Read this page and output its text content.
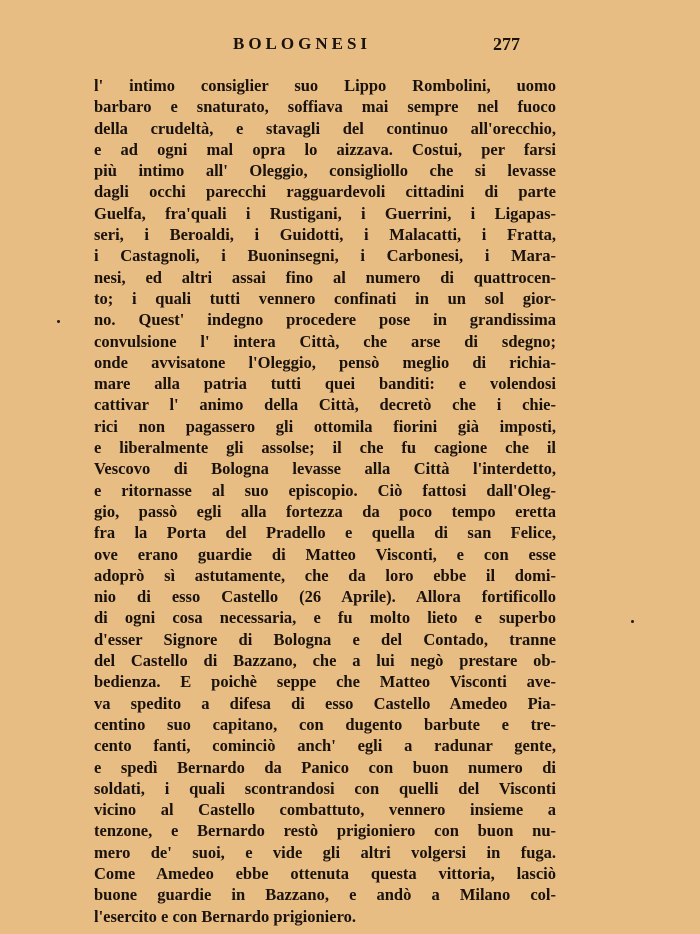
BOLOGNESI	277
l' intimo consiglier suo Lippo Rombolini, uomo
barbaro e snaturato, soffiava mai sempre nel fuoco
della crudeltà, e stavagli del continuo all'orecchio,
e ad ogni mal opra lo aizzava. Costui, per farsi
più intimo all' Oleggio, consigliollo che si levasse
dagli occhi parecchi ragguardevoli cittadini di parte
Guelfa, fra'quali i Rustigani, i Guerrini, i Ligapas-
seri, i Beroaldi, i Guidotti, i Malacatti, i Fratta,
i Castagnoli, i Buoninsegni, i Carbonesi, i Mara-
nesi, ed altri assai fino al numero di quattrocen-
to; i quali tutti vennero confinati in un sol gior-
no. Quest' indegno procedere pose in grandissima
convulsione l' intera Città, che arse di sdegno;
onde avvisatone l'Oleggio, pensò meglio di richia-
mare alla patria tutti quei banditi: e volendosi
cattivar l' animo della Città, decretò che i chie-
rici non pagassero gli ottomila fiorini già imposti,
e liberalmente gli assolse; il che fu cagione che il
Vescovo di Bologna levasse alla Città l'interdetto,
e ritornasse al suo episcopio. Ciò fattosi dall'Oleg-
gio, passò egli alla fortezza da poco tempo eretta
fra la Porta del Pradello e quella di san Felice,
ove erano guardie di Matteo Visconti, e con esse
adoprò sì astutamente, che da loro ebbe il domi-
nio di esso Castello (26 Aprile). Allora fortificollo
di ogni cosa necessaria, e fu molto lieto e superbo
d'esser Signore di Bologna e del Contado, tranne
del Castello di Bazzano, che a lui negò prestare ob-
bedienza. E poichè seppe che Matteo Visconti ave-
va spedito a difesa di esso Castello Amedeo Pia-
centino suo capitano, con dugento barbute e tre-
cento fanti, cominciò anch' egli a radunar gente,
e spedì Bernardo da Panico con buon numero di
soldati, i quali scontrandosi con quelli del Visconti
vicino al Castello combattuto, vennero insieme a
tenzone, e Bernardo restò prigioniero con buon nu-
mero de' suoi, e vide gli altri volgersi in fuga.
Come Amedeo ebbe ottenuta questa vittoria, lasciò
buone guardie in Bazzano, e andò a Milano col-
l'esercito e con Bernardo prigioniero.
